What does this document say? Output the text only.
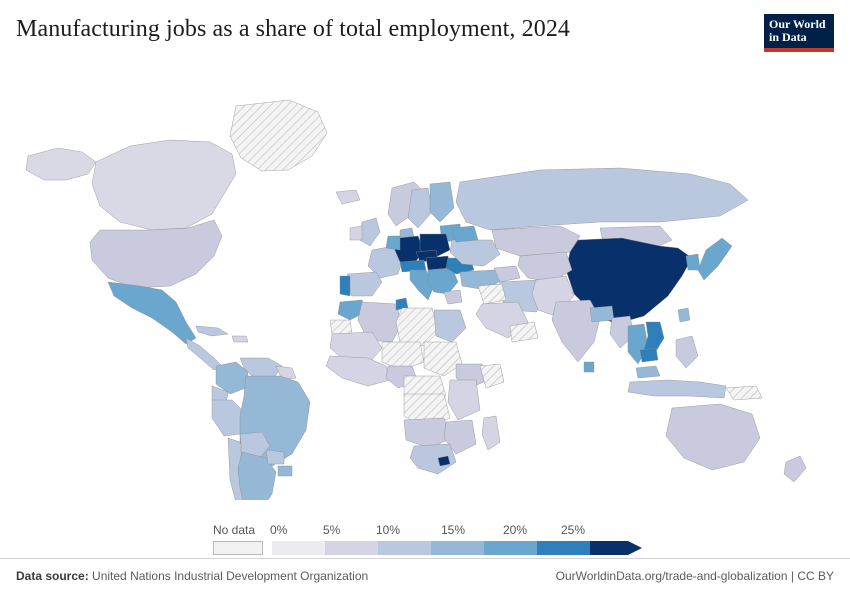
Manufacturing jobs as a share of total employment, 2024	Our World
in Data
No data 0%	5%	10%	15%	20%	25%
Data source: United Nations Industrial Development Organization	OurWorldinData.org/trade-and-globalization | CC BY
